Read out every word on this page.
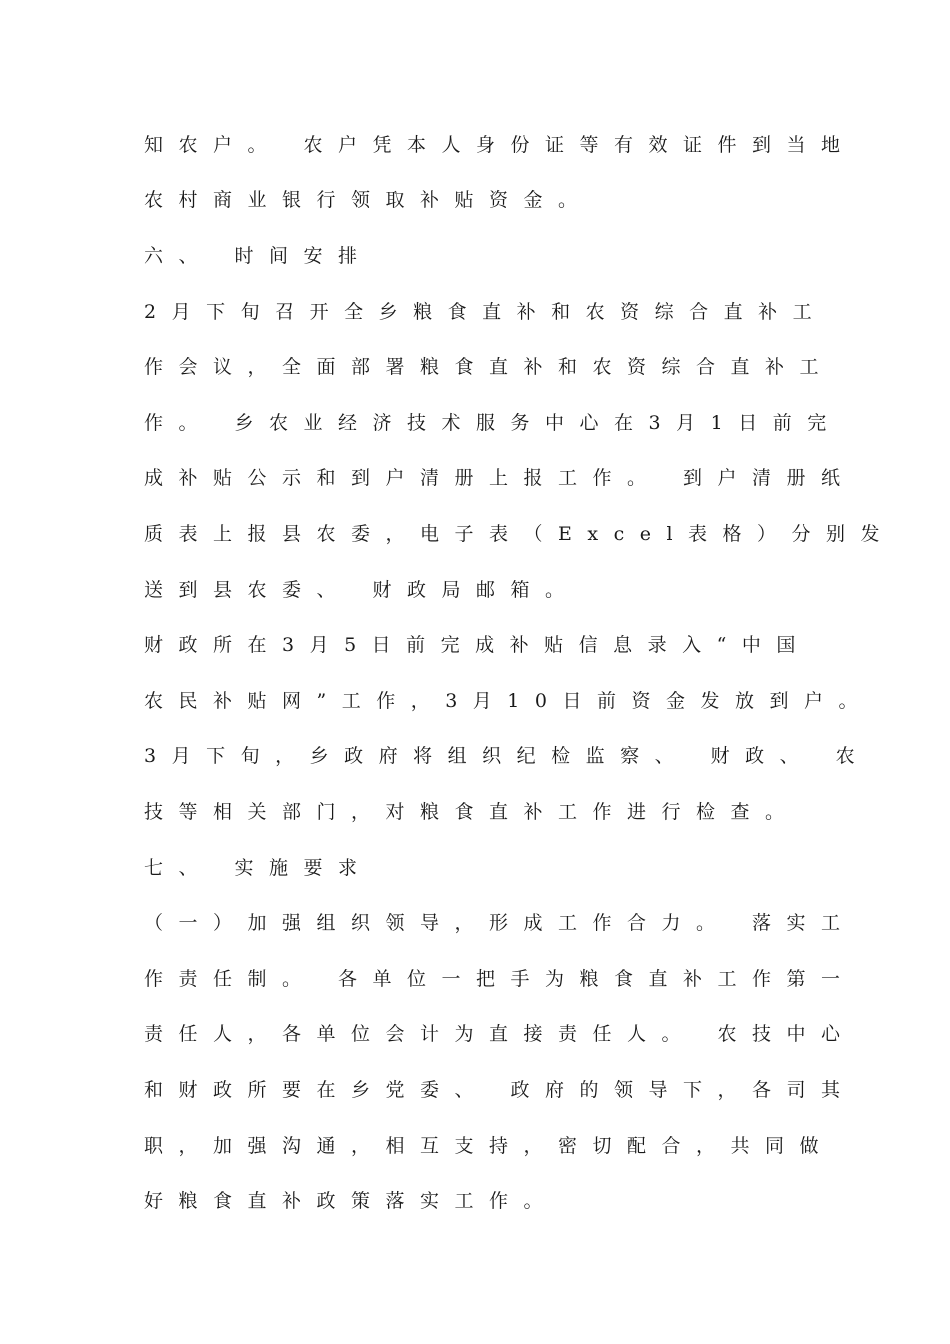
知农户。 农户凭本人身份证等有效证件到当地
农村商业银行领取补贴资金。
六、 时间安排
2月下旬召开全乡粮食直补和农资综合直补工
作会议，全面部署粮食直补和农资综合直补工
作。 乡农业经济技术服务中心在3月1日前完
成补贴公示和到户清册上报工作。 到户清册纸
质表上报县农委，电子表（Excel表格）分别发
送到县农委、 财政局邮箱。
财政所在3月5日前完成补贴信息录入“中国
农民补贴网”工作，3月10日前资金发放到户。
3月下旬，乡政府将组织纪检监察、 财政、 农
技等相关部门，对粮食直补工作进行检查。
七、 实施要求
（一）加强组织领导，形成工作合力。 落实工
作责任制。 各单位一把手为粮食直补工作第一
责任人，各单位会计为直接责任人。 农技中心
和财政所要在乡党委、 政府的领导下，各司其
职，加强沟通，相互支持，密切配合，共同做
好粮食直补政策落实工作。
